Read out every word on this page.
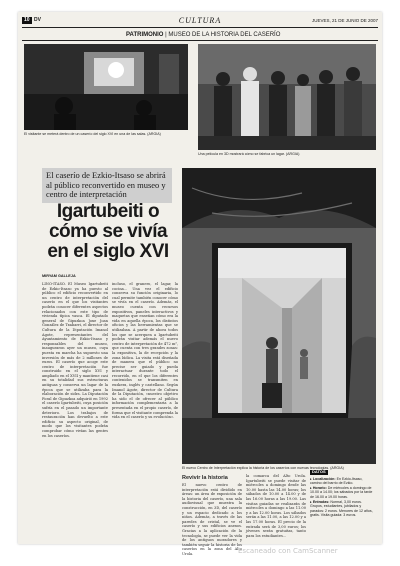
10 DV	CULTURA	JUEVES, 21 DE JUNIO DE 2007
PATRIMONIO | MUSEO DE LA HISTORIA DEL CASERÍO
El visitante se meterá dentro de un caserío del siglo XVI en una de las salas. (ARGIA)
Una película en 3D mostrará cómo se fabrica un lagar. (ARGIA)
El caserío de Ezkio-Itsaso se abrirá al público reconvertido en museo y centro de interpretación
Igartubeiti o cómo se vivía en el siglo XVI
MIRYAM GALLEJA
El nuevo Centro de Interpretación explica la historia de los caseríos con nuevas tecnologías. (ARGIA)

LINO-ITASO. El Museo Igartubeiti de Ezkio-Itsaso ya ha puesto al público el edificio reconvertido en un centro de interpretación del caserío en el que los visitantes podrán conocer diferentes aspectos relacionados con este tipo de vivienda típica vasca. El diputado general de Gipuzkoa Joxe Joan González de Txabarri, el director de Cultura de la Diputación Imanol Agote, representantes del Ayuntamiento de Ezkio-Itsaso y responsables del museo, inauguraron ayer un museo, cuya puesta en marcha ha supuesto una inversión de más de 2 millones de euros. El caserío que acoge este centro de interpretación fue construido en el siglo XVI y ampliado en el XVII y mantiene casi en su totalidad sus estructuras antiguas y conserva un lagar de la época que se utilizaba para la elaboración de sidra. La Diputación Foral de Gipuzkoa adquirió en 1992 el caserío Igartubeiti, cuya posición sufría en el pasado un importante deterioro. Los trabajos de restauración han devuelto a este edificio su aspecto original, de modo que los visitantes podrán comprobar cómo vivían las gentes en los caseríos.

incluso, el granero, el lagar, la cocina... Una vez el edificio conserva su función originaria, lo cual permite también conocer cómo se vivía en el caserío. Además, el museo cuenta con recursos expositivos, paneles interactivos y maquetas que enseñan cómo era la vida en aquella época, los distintos oficios y las herramientas que se utilizaban. A partir de ahora todos los que se acerquen a Igartubeiti podrán visitar además el nuevo centro de interpretación de 472 m², que cuenta con tres grandes zonas: la expositiva, la de recepción y la zona lúdica. La visita está diseñada de manera que el público no precise ser guiado y pueda interactuar durante todo el recorrido, en el que los diferentes contenidos se transmiten en euskera, inglés y castellano. Según Imanol Agote, director de Cultura de la Diputación, «nuestro objetivo ha sido el de ofrecer al público información complementaria a la presentada en el propio caserío, de forma que el visitante comprenda la vida en el caserío y su evolución».

Revivir la historia

El nuevo centro de interpretación está dividido en áreas: un área de exposición de la historia del caserío, una sala audiovisual que muestra la construcción, en 3D, del caserío y un espacio dedicado a los niños. Además, a través de las paredes de cristal, se ve el caserío y sus edificios anexos. Gracias a la aplicación de la tecnología, se puede ver la vida de los antiguos moradores y también seguir la historia de los caseríos en la zona del Alto Urola.

la comarca del Alto Urola. Igartubeiti se puede visitar de miércoles a domingo desde las 10.00 hasta las 14.00 horas; los sábados de 10.00 a 14.00 y de las 16.00 horas a las 19.00. Las visitas guiadas se realizarán de miércoles a domingo a las 11.00 y a las 12.00 horas. Los sábados serán a las 11.00, a las 12.00 y a las 17.00 horas. El precio de la entrada será de 3,00 euros; los jóvenes serán gratuitas, tanto para los estudiantes...

DATOS
▸ Localización: En Ezkio-Itsaso, camino del barrio de Ezkio.
▸ Horario: De miércoles a domingo de 10.00 a 14.00; los sábados por la tarde de 16.00 a 19.00 horas.
▸ Entradas: Normal, 3,00 euros. Grupos, estudiantes, jubilados y parados: 2 euros. Menores de 12 años, gratis. Visita guiada: 3 euros.
Escaneado con CamScanner
